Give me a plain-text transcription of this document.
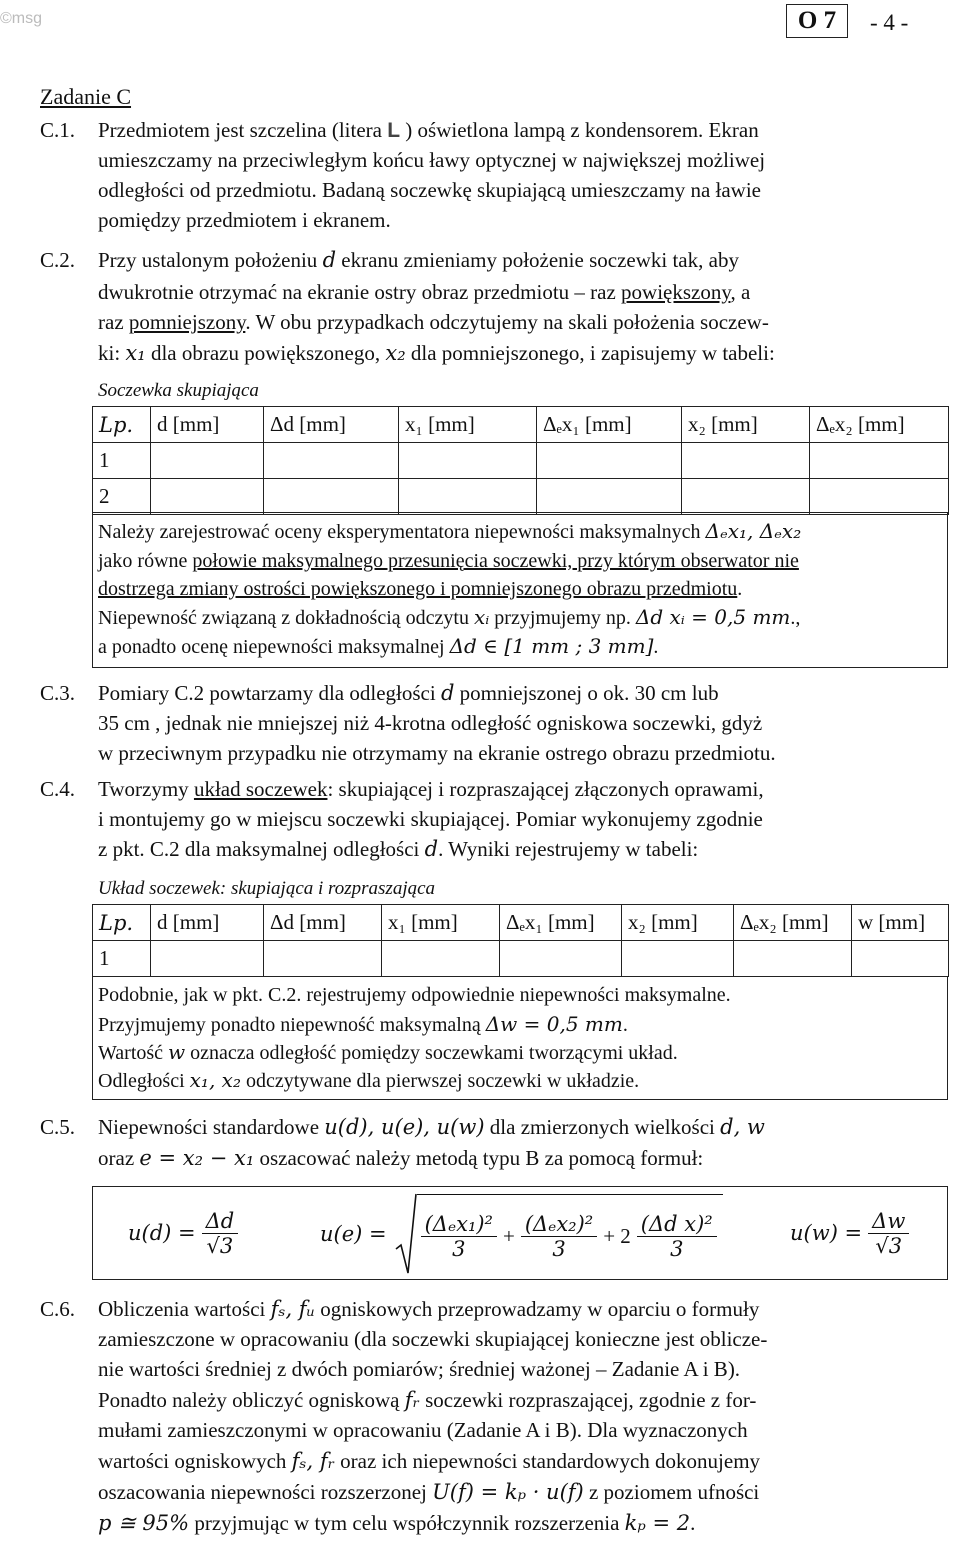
©msg	O 7	- 4 -
Zadanie C
C.1. Przedmiotem jest szczelina (litera L ) oświetlona lampą z kondensorem. Ekran
umieszczamy na przeciwległym końcu ławy optycznej w największej możliwej
odległości od przedmiotu. Badaną soczewkę skupiającą umieszczamy na ławie
pomiędzy przedmiotem i ekranem.
C.2. Przy ustalonym położeniu d ekranu zmieniamy położenie soczewki tak, aby
dwukrotnie otrzymać na ekranie ostry obraz przedmiotu – raz powiększony, a
raz pomniejszony. W obu przypadkach odczytujemy na skali położenia soczew-
ki: x₁ dla obrazu powiększonego, x₂ dla pomniejszonego, i zapisujemy w tabeli:
Soczewka skupiająca
Lp.	d [mm]	Δd [mm]	x₁ [mm]	Δₑx₁ [mm]	x₂ [mm]	Δₑx₂ [mm]
1						
2						
Należy zarejestrować oceny eksperymentatora niepewności maksymalnych Δₑx₁, Δₑx₂
jako równe połowie maksymalnego przesunięcia soczewki, przy którym obserwator nie
dostrzega zmiany ostrości powiększonego i pomniejszonego obrazu przedmiotu.
Niepewność związaną z dokładnością odczytu xᵢ przyjmujemy np. Δd xᵢ = 0,5 mm.,
a ponadto ocenę niepewności maksymalnej Δd ∈ [1 mm ; 3 mm].
C.3. Pomiary C.2 powtarzamy dla odległości d pomniejszonej o ok. 30 cm lub
35 cm , jednak nie mniejszej niż 4-krotna odległość ogniskowa soczewki, gdyż
w przeciwnym przypadku nie otrzymamy na ekranie ostrego obrazu przedmiotu.
C.4. Tworzymy układ soczewek: skupiającej i rozpraszającej złączonych oprawami,
i montujemy go w miejscu soczewki skupiającej. Pomiar wykonujemy zgodnie
z pkt. C.2 dla maksymalnej odległości d. Wyniki rejestrujemy w tabeli:
Układ soczewek: skupiająca i rozpraszająca
Lp.	d [mm]	Δd [mm]	x₁ [mm]	Δₑx₁ [mm]	x₂ [mm]	Δₑx₂ [mm]	w [mm]
1							
Podobnie, jak w pkt. C.2. rejestrujemy odpowiednie niepewności maksymalne.
Przyjmujemy ponadto niepewność maksymalną Δw = 0,5 mm.
Wartość w oznacza odległość pomiędzy soczewkami tworzącymi układ.
Odległości x₁, x₂ odczytywane dla pierwszej soczewki w układzie.
C.5. Niepewności standardowe u(d), u(e), u(w) dla zmierzonych wielkości d, w
oraz e = x₂ − x₁ oszacować należy metodą typu B za pomocą formuł:
$u(d) = \frac{\Delta d}{√3}$	$u(e) = \frac{\text{(Δₑx₁)²}}{3} + \frac{\text{(Δₑx₂)²}}{3} + 2 \frac{\text{(Δd x)²}}{3}$	$u(w) = \frac{\Delta w}{√3}$
C.6. Obliczenia wartości fₛ, fᵤ ogniskowych przeprowadzamy w oparciu o formuły
zamieszczone w opracowaniu (dla soczewki skupiającej konieczne jest oblicze-
nie wartości średniej z dwóch pomiarów; średniej ważonej – Zadanie A i B).
Ponadto należy obliczyć ogniskową fᵣ soczewki rozpraszającej, zgodnie z for-
mułami zamieszczonymi w opracowaniu (Zadanie A i B). Dla wyznaczonych
wartości ogniskowych fₛ, fᵣ oraz ich niepewności standardowych dokonujemy
oszacowania niepewności rozszerzonej U(f) = kₚ · u(f) z poziomem ufności
p ≅ 95% przyjmując w tym celu współczynnik rozszerzenia kₚ = 2.
